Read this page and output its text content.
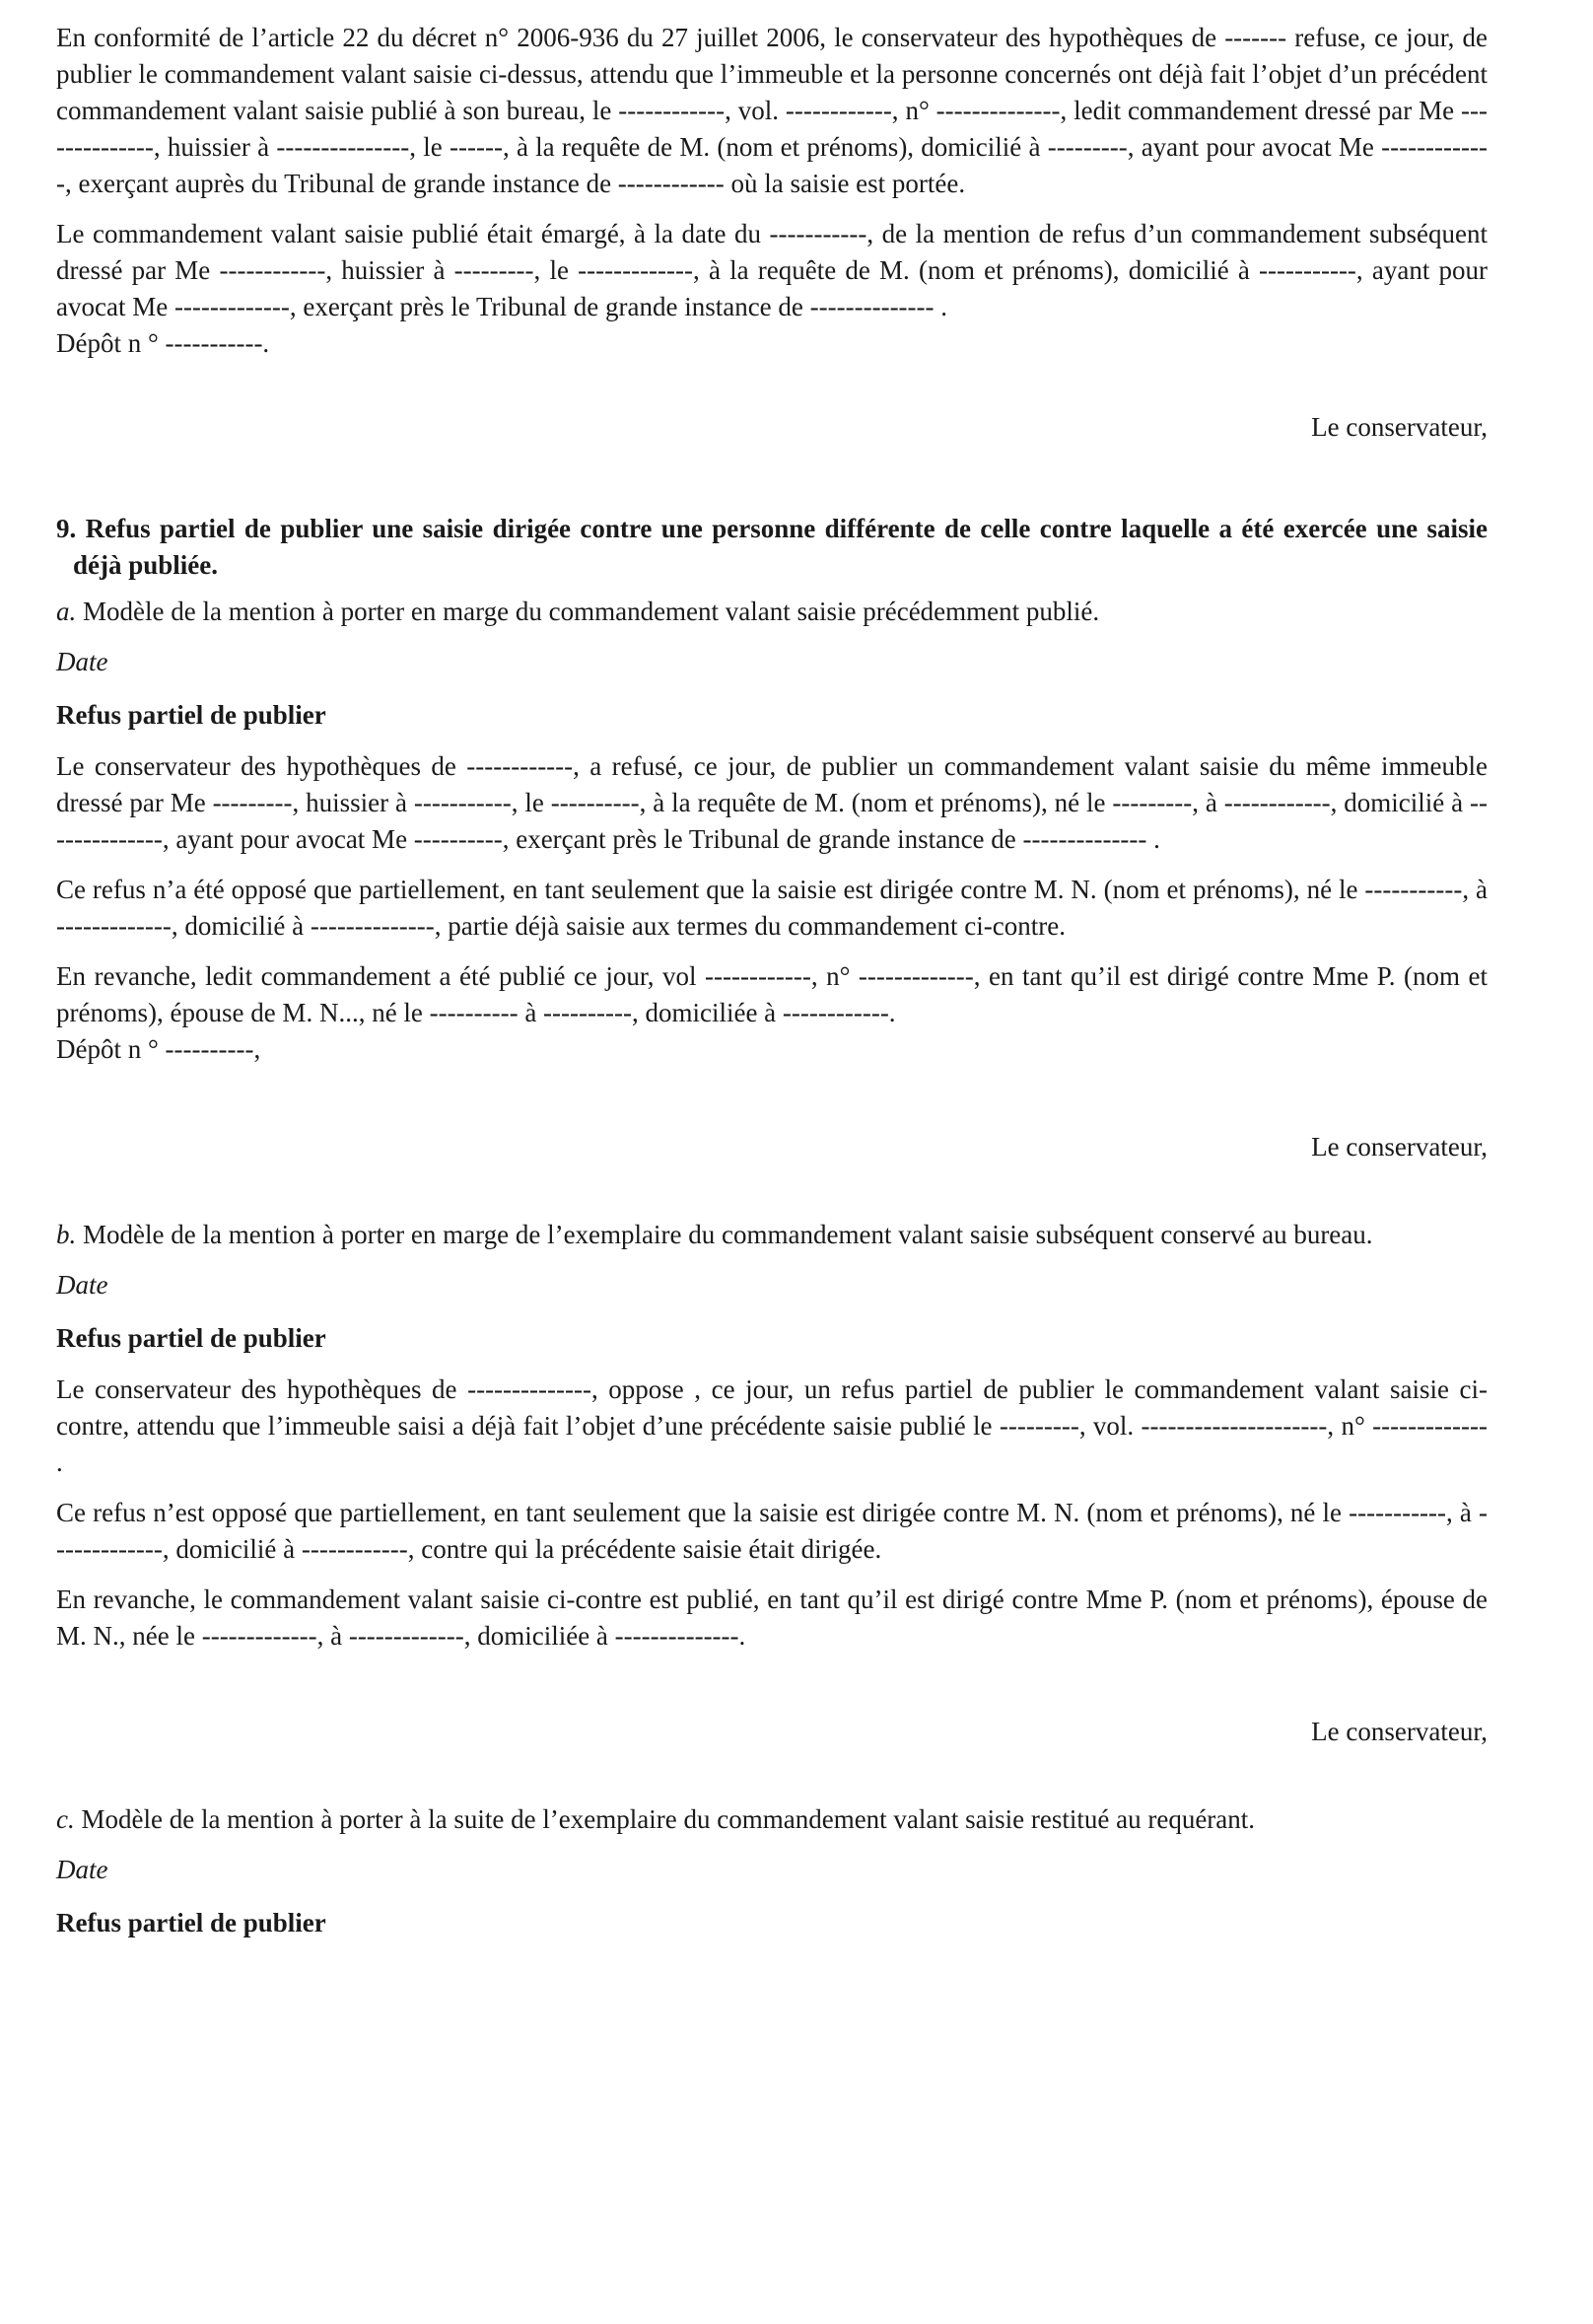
En conformité de l’article 22 du décret n° 2006-936 du 27 juillet 2006, le conservateur des hypothèques de ------- refuse, ce jour, de publier le commandement valant saisie ci-dessus, attendu que l’immeuble et la personne concernés ont déjà fait l’objet d’un précédent commandement valant saisie publié à son bureau, le ------------, vol. ------------, n° --------------, ledit commandement dressé par Me --------------, huissier à ---------------, le ------, à la requête de M. (nom et prénoms), domicilié à ---------, ayant pour avocat Me -------------, exerçant auprès du Tribunal de grande instance de ------------ où la saisie est portée.

Le commandement valant saisie publié était émargé, à la date du -----------, de la mention de refus d’un commandement subséquent dressé par Me ------------, huissier à ---------, le -------------, à la requête de M. (nom et prénoms), domicilié à -----------, ayant pour avocat Me -------------, exerçant près le Tribunal de grande instance de -------------- .

Dépôt n ° -----------.

Le conservateur,

9. Refus partiel de publier une saisie dirigée contre une personne différente de celle contre laquelle a été exercée une saisie déjà publiée.

a. Modèle de la mention à porter en marge du commandement valant saisie précédemment publié.

Date

Refus partiel de publier

Le conservateur des hypothèques de ------------, a refusé, ce jour, de publier un commandement valant saisie du même immeuble dressé par Me ---------, huissier à -----------, le ----------, à la requête de M. (nom et prénoms), né le ---------, à ------------, domicilié à --------------, ayant pour avocat Me ----------, exerçant près le Tribunal de grande instance de -------------- .

Ce refus n’a été opposé que partiellement, en tant seulement que la saisie est dirigée contre M. N. (nom et prénoms), né le -----------, à -------------, domicilié à --------------, partie déjà saisie aux termes du commandement ci-contre.

En revanche, ledit commandement a été publié ce jour, vol ------------, n° -------------, en tant qu’il est dirigé contre Mme P. (nom et prénoms), épouse de M. N..., né le ---------- à ----------, domiciliée à ------------.

Dépôt n ° ----------,

Le conservateur,

b. Modèle de la mention à porter en marge de l’exemplaire du commandement valant saisie subséquent conservé au bureau.

Date

Refus partiel de publier

Le conservateur des hypothèques de --------------, oppose , ce jour, un refus partiel de publier le commandement valant saisie ci-contre, attendu que l’immeuble saisi a déjà fait l’objet d’une précédente saisie publié le ---------, vol. ---------------------, n° ------------- .

Ce refus n’est opposé que partiellement, en tant seulement que la saisie est dirigée contre M. N. (nom et prénoms), né le -----------, à -------------, domicilié à ------------, contre qui la précédente saisie était dirigée.

En revanche, le commandement valant saisie ci-contre est publié, en tant qu’il est dirigé contre Mme P. (nom et prénoms), épouse de M. N., née le -------------, à -------------, domiciliée à --------------.

Le conservateur,

c. Modèle de la mention à porter à la suite de l’exemplaire du commandement valant saisie restitué au requérant.

Date

Refus partiel de publier
